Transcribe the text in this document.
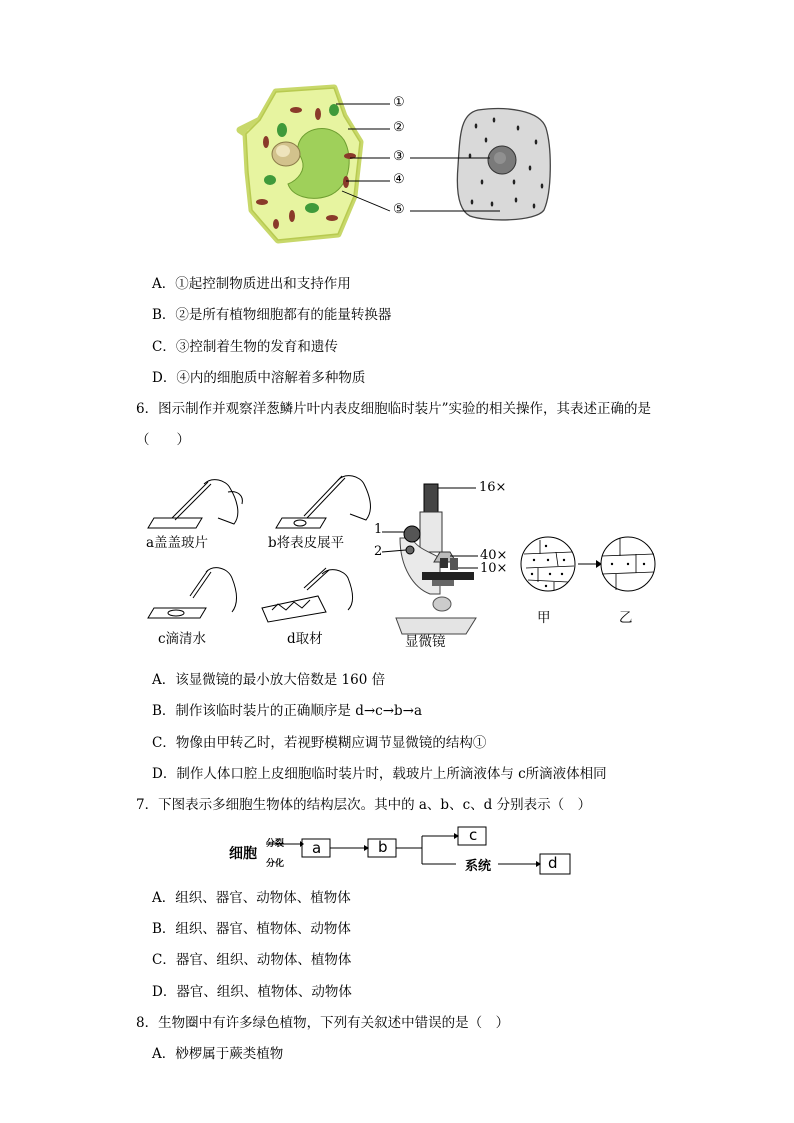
①
②
③
④
⑤
A．①起控制物质进出和支持作用
B．②是所有植物细胞都有的能量转换器
C．③控制着生物的发育和遗传
D．④内的细胞质中溶解着多种物质
6．图示制作并观察洋葱鳞片叶内表皮细胞临时装片”实验的相关操作，其表述正确的是
（　　）
a盖盖玻片	b将表皮展平
c滴清水	d取材
16×
1
2	40×
10×
显微镜
甲	乙
A．该显微镜的最小放大倍数是 160 倍
B．制作该临时装片的正确顺序是 d→c→b→a
C．物像由甲转乙时，若视野模糊应调节显微镜的结构①
D．制作人体口腔上皮细胞临时装片时，载玻片上所滴液体与 c所滴液体相同
7．下图表示多细胞生物体的结构层次。其中的 a、b、c、d 分别表示（　）
细胞
分裂
分化
a	b
c
系统	d
A．组织、器官、动物体、植物体
B．组织、器官、植物体、动物体
C．器官、组织、动物体、植物体
D．器官、组织、植物体、动物体
8．生物圈中有许多绿色植物，下列有关叙述中错误的是（　）
A．桫椤属于蕨类植物
